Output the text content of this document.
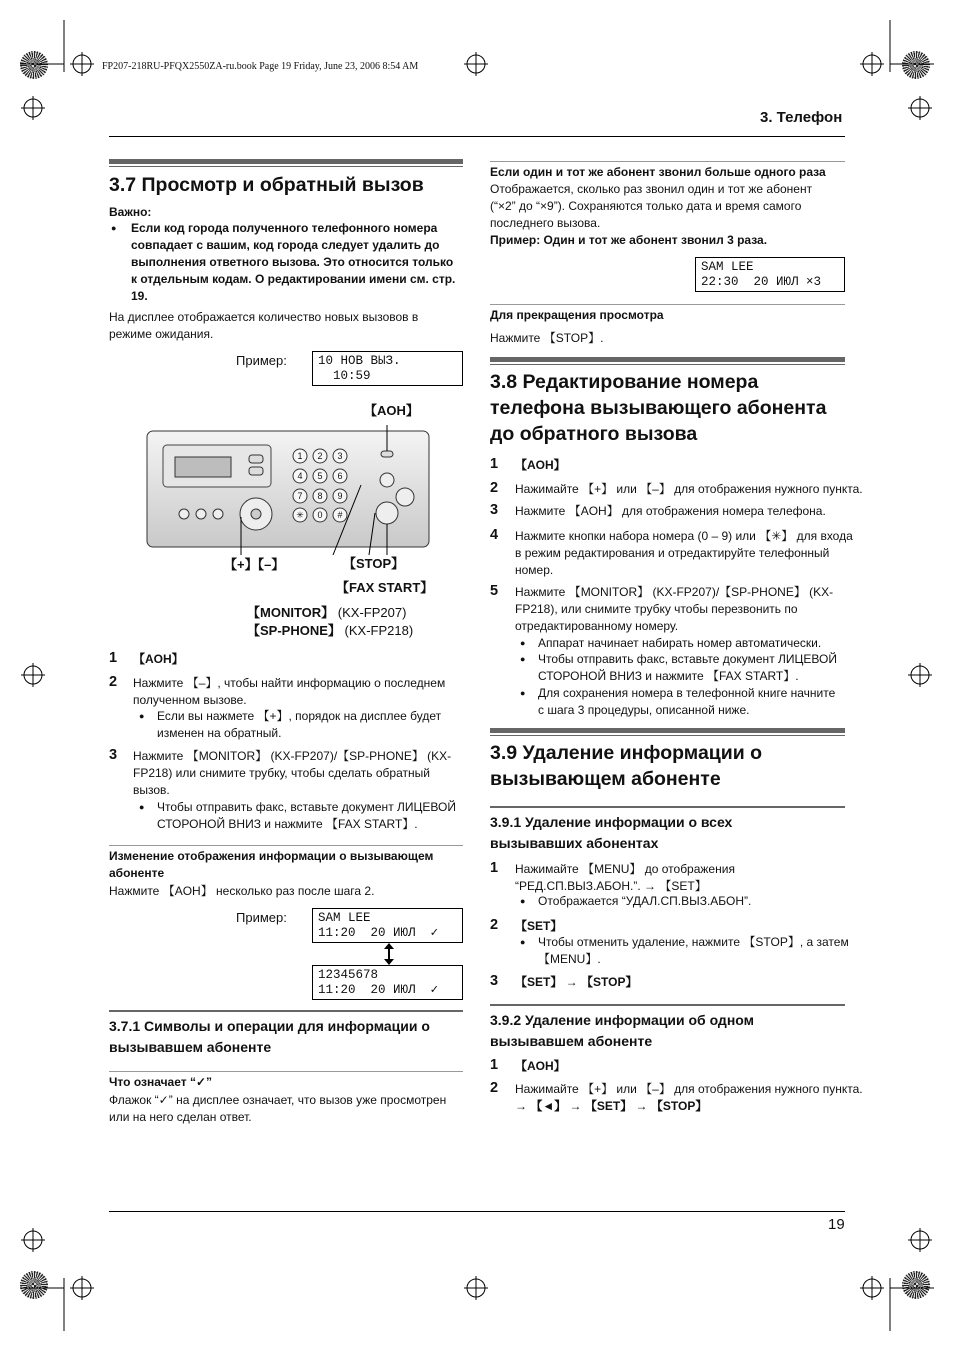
FP207-218RU-PFQX2550ZA-ru.book Page 19 Friday, June 23, 2006 8:54 AM
3. Телефон
3.7 Просмотр и обратный вызов
Важно:
● Если код города полученного телефонного номера
совпадает с вашим, код города следует удалить до
выполнения ответного вызова. Это относится только
к отдельным кодам. О редактировании имени см. стр.
19.
На дисплее отображается количество новых вызовов в
режиме ожидания.
Пример: 10 НОВ ВЫЗ.
10:59
【AOH】
1 2 3
4 5 6
7 8 9
✳ 0 #
【+】【–】	【STOP】
【FAX START】
【MONITOR】 (KX-FP207)
【SP-PHONE】 (KX-FP218)
1 【AOH】
2 Нажмите 【–】, чтобы найти информацию о последнем
полученном вызове.
● Если вы нажмете 【+】, порядок на дисплее будет
изменен на обратный.
3 Нажмите 【MONITOR】 (KX-FP207)/【SP-PHONE】 (KX-
FP218) или снимите трубку, чтобы сделать обратный
вызов.
● Чтобы отправить факс, вставьте документ ЛИЦЕВОЙ
СТОРОНОЙ ВНИЗ и нажмите 【FAX START】.
Изменение отображения информации о вызывающем
абоненте
Нажмите 【AOH】 несколько раз после шага 2.
Пример: SAM LEE
11:20  20 ИЮЛ  ✓
12345678
11:20  20 ИЮЛ  ✓
3.7.1 Символы и операции для информации о
вызывавшем абоненте
Что означает “✓”
Флажок “✓” на дисплее означает, что вызов уже просмотрен
или на него сделан ответ.
Если один и тот же абонент звонил больше одного раза
Отображается, сколько раз звонил один и тот же абонент
(“×2” до “×9”). Сохраняются только дата и время самого
последнего вызова.
Пример: Один и тот же абонент звонил 3 раза.
SAM LEE
22:30  20 ИЮЛ ×3
Для прекращения просмотра
Нажмите 【STOP】.
3.8 Редактирование номера
телефона вызывающего абонента
до обратного вызова
1 【AOH】
2 Нажимайте 【+】 или 【–】 для отображения нужного пункта.
3 Нажмите 【AOH】 для отображения номера телефона.
4 Нажмите кнопки набора номера (0 – 9) или 【✳】 для входа
в режим редактирования и отредактируйте телефонный
номер.
5 Нажмите 【MONITOR】 (KX-FP207)/【SP-PHONE】 (KX-
FP218), или снимите трубку чтобы перезвонить по
отредактированному номеру.
● Аппарат начинает набирать номер автоматически.
● Чтобы отправить факс, вставьте документ ЛИЦЕВОЙ
СТОРОНОЙ ВНИЗ и нажмите 【FAX START】.
● Для сохранения номера в телефонной книге начните
с шага 3 процедуры, описанной ниже.
3.9 Удаление информации о
вызывающем абоненте
3.9.1 Удаление информации о всех
вызывавших абонентах
1 Нажимайте 【MENU】 до отображения
“РЕД.СП.ВЫЗ.АБОН.”. → 【SET】
● Отображается “УДАЛ.СП.ВЫЗ.АБОН”.
2 【SET】
● Чтобы отменить удаление, нажмите 【STOP】, а затем
【MENU】.
3 【SET】 → 【STOP】
3.9.2 Удаление информации об одном
вызывавшем абоненте
1 【AOH】
2 Нажимайте 【+】 или 【–】 для отображения нужного пункта.
→ 【◄】 → 【SET】 → 【STOP】
19
